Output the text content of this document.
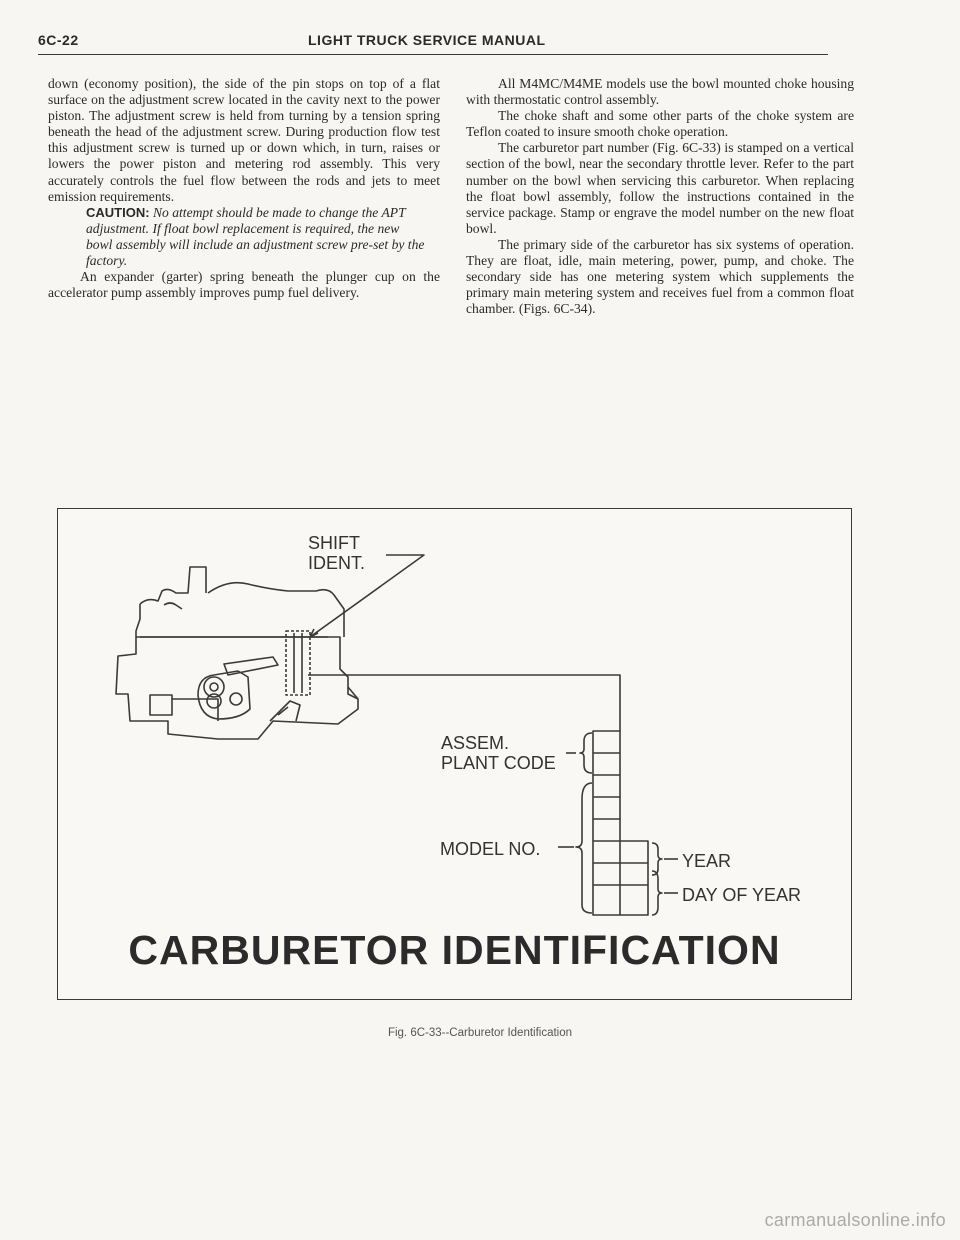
6C-22	LIGHT TRUCK SERVICE MANUAL

down (economy position), the side of the pin stops on top of a flat surface on the adjustment screw located in the cavity next to the power piston. The adjustment screw is held from turning by a tension spring beneath the head of the adjustment screw. During production flow test this adjustment screw is turned up or down which, in turn, raises or lowers the power piston and metering rod assembly. This very accurately controls the fuel flow between the rods and jets to meet emission requirements.

CAUTION: No attempt should be made to change the APT adjustment. If float bowl replacement is required, the new bowl assembly will include an adjustment screw pre-set by the factory.

An expander (garter) spring beneath the plunger cup on the accelerator pump assembly improves pump fuel delivery.

All M4MC/M4ME models use the bowl mounted choke housing with thermostatic control assembly.

The choke shaft and some other parts of the choke system are Teflon coated to insure smooth choke operation.

The carburetor part number (Fig. 6C-33) is stamped on a vertical section of the bowl, near the secondary throttle lever. Refer to the part number on the bowl when servicing this carburetor. When replacing the float bowl assembly, follow the instructions contained in the service package. Stamp or engrave the model number on the new float bowl.

The primary side of the carburetor has six systems of operation. They are float, idle, main metering, power, pump, and choke. The secondary side has one metering system which supplements the primary main metering system and receives fuel from a common float chamber. (Figs. 6C-34).

SHIFT
IDENT.
ASSEM.
PLANT CODE
MODEL NO.
YEAR
DAY OF YEAR
CARBURETOR IDENTIFICATION
Fig. 6C-33--Carburetor Identification
carmanualsonline.info
